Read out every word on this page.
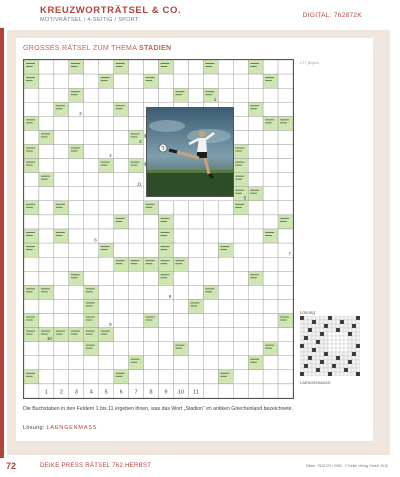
KREUZWORTRÄTSEL & CO.
MOTIVRÄTSEL / 4-SEITIG / SPORT
DIGITAL: 762872K
GROSSES RÄTSEL ZUM THEMA STADIEN
1 2 3 4 5 6 7 8 9 10 11
2
3
4
5
6
7
8
9
10
11
1
LT7 (B)ork
Lösung:
LAENGENMASS
Die Buchstaben in den Feldern 1 bis 11 ergeben ihnen, was das Wort „Stadion“ im antiken Griechenland bezeichnete.
Lösung: LAENGENMASS
72	DEIKE PRESS RÄTSEL 762 HERBST	Bilder: 7510729 / 0282 · © Deike Verlag GmbH 2018
